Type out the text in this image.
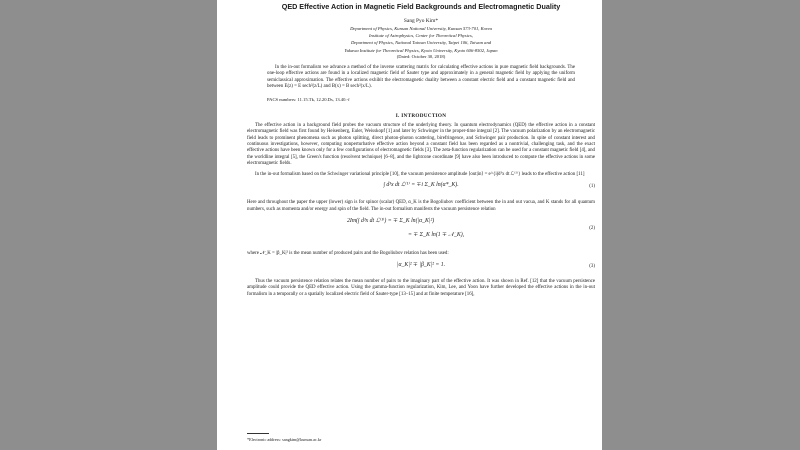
QED Effective Action in Magnetic Field Backgrounds and Electromagnetic Duality
Sang Pyo Kim*
Department of Physics, Kunsan National University, Kunsan 573-701, Korea
Institute of Astrophysics, Center for Theoretical Physics,
Department of Physics, National Taiwan University, Taipei 106, Taiwan and
Yukawa Institute for Theoretical Physics, Kyoto University, Kyoto 606-8502, Japan
(Dated: October 30, 2018)
In the in-out formalism we advance a method of the inverse scattering matrix for calculating effective actions in pure magnetic field backgrounds. The one-loop effective actions are found in a localized magnetic field of Sauter type and approximately in a general magnetic field by applying the uniform semiclassical approximation. The effective actions exhibit the electromagnetic duality between a constant electric field and a constant magnetic field and between E(z) = E sech²(z/L) and B(x) = B sech²(x/L).
PACS numbers: 11.15.Tk, 12.20.Ds, 13.40.-f
I. INTRODUCTION
The effective action in a background field probes the vacuum structure of the underlying theory. In quantum electrodynamics (QED) the effective action in a constant electromagnetic field was first found by Heisenberg, Euler, Weisskopf [1] and later by Schwinger in the proper-time integral [2]. The vacuum polarization by an electromagnetic field leads to prominent phenomena such as photon splitting, direct photon-photon scattering, birefringence, and Schwinger pair production. In spite of constant interest and continuous investigations, however, computing nonperturbative effective action beyond a constant field has been regarded as a nontrivial, challenging task, and the exact effective actions have been known only for a few configurations of electromagnetic fields [3]. The zeta-function regularization can be used for a constant magnetic field [4], and the worldline integral [5], the Green's function (resolvent technique) [6–8], and the lightcone coordinate [9] have also been introduced to compute the effective actions in some electromagnetic fields.
In the in-out formalism based on the Schwinger variational principle [10], the vacuum persistence amplitude ⟨out|in⟩ = e^{i∫d³x dt ℒ⁽¹⁾} leads to the effective action [11]
∫ d³x dt ℒ⁽¹⁾ = ∓i Σ_K ln(α*_K).	(1)
Here and throughout the paper the upper (lower) sign is for spinor (scalar) QED, α_K is the Bogoliubov coefficient between the in and out vacua, and K stands for all quantum numbers, such as momenta and/or energy and spin of the field. The in-out formalism manifests the vacuum persistence relation
2Im(∫ d³x dt ℒ⁽¹⁾) = ∓ Σ_K ln(|α_K|²)
= ∓ Σ_K ln(1 ∓ 𝒩_K),
(2)
where 𝒩_K = |β_K|² is the mean number of produced pairs and the Bogoliubov relation has been used:
|α_K|² ∓ |β_K|² = 1.	(3)
Thus the vacuum persistence relation relates the mean number of pairs to the imaginary part of the effective action. It was shown in Ref. [12] that the vacuum persistence amplitude could provide the QED effective action. Using the gamma-function regularization, Kim, Lee, and Yoon have further developed the effective actions in the in-out formalism in a temporally or a spatially localized electric field of Sauter-type [13–15] and at finite temperature [16],
*Electronic address: sangkim@kunsan.ac.kr
